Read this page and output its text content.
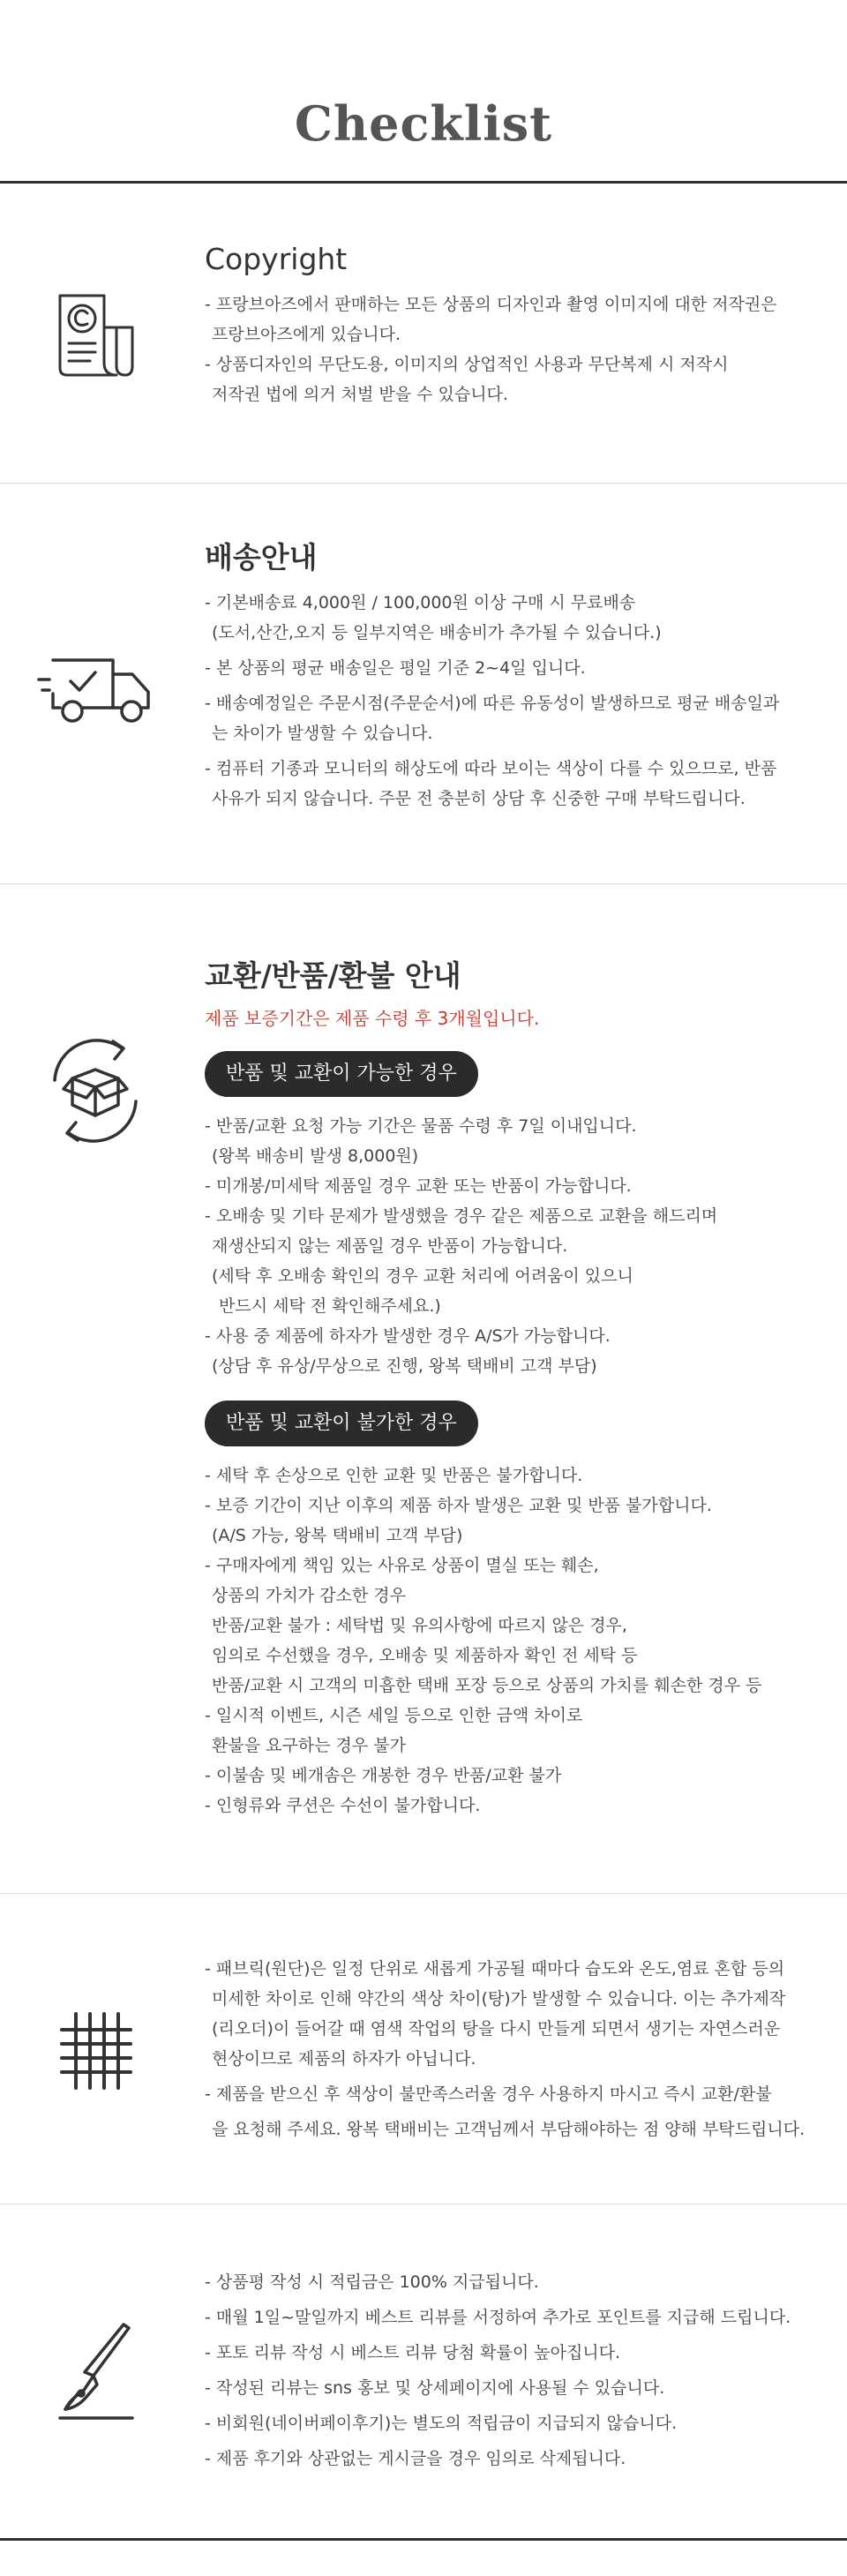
Checklist
Copyright
- 프랑브아즈에서 판매하는 모든 상품의 디자인과 촬영 이미지에 대한 저작권은
프랑브아즈에게 있습니다.
- 상품디자인의 무단도용, 이미지의 상업적인 사용과 무단복제 시 저작시
저작권 법에 의거 처벌 받을 수 있습니다.
배송안내
- 기본배송료 4,000원 / 100,000원 이상 구매 시 무료배송
(도서,산간,오지 등 일부지역은 배송비가 추가될 수 있습니다.)
- 본 상품의 평균 배송일은 평일 기준 2~4일 입니다.
- 배송예정일은 주문시점(주문순서)에 따른 유동성이 발생하므로 평균 배송일과
는 차이가 발생할 수 있습니다.
- 컴퓨터 기종과 모니터의 해상도에 따라 보이는 색상이 다를 수 있으므로, 반품
사유가 되지 않습니다. 주문 전 충분히 상담 후 신중한 구매 부탁드립니다.
교환/반품/환불 안내
제품 보증기간은 제품 수령 후 3개월입니다.
반품 및 교환이 가능한 경우
- 반품/교환 요청 가능 기간은 물품 수령 후 7일 이내입니다.
(왕복 배송비 발생 8,000원)
- 미개봉/미세탁 제품일 경우 교환 또는 반품이 가능합니다.
- 오배송 및 기타 문제가 발생했을 경우 같은 제품으로 교환을 해드리며
재생산되지 않는 제품일 경우 반품이 가능합니다.
(세탁 후 오배송 확인의 경우 교환 처리에 어려움이 있으니
반드시 세탁 전 확인해주세요.)
- 사용 중 제품에 하자가 발생한 경우 A/S가 가능합니다.
(상담 후 유상/무상으로 진행, 왕복 택배비 고객 부담)
반품 및 교환이 불가한 경우
- 세탁 후 손상으로 인한 교환 및 반품은 불가합니다.
- 보증 기간이 지난 이후의 제품 하자 발생은 교환 및 반품 불가합니다.
(A/S 가능, 왕복 택배비 고객 부담)
- 구매자에게 책임 있는 사유로 상품이 멸실 또는 훼손,
상품의 가치가 감소한 경우
반품/교환 불가 : 세탁법 및 유의사항에 따르지 않은 경우,
임의로 수선했을 경우, 오배송 및 제품하자 확인 전 세탁 등
반품/교환 시 고객의 미흡한 택배 포장 등으로 상품의 가치를 훼손한 경우 등
- 일시적 이벤트, 시즌 세일 등으로 인한 금액 차이로
환불을 요구하는 경우 불가
- 이불솜 및 베개솜은 개봉한 경우 반품/교환 불가
- 인형류와 쿠션은 수선이 불가합니다.
- 패브릭(원단)은 일정 단위로 새롭게 가공될 때마다 습도와 온도,염료 혼합 등의
미세한 차이로 인해 약간의 색상 차이(탕)가 발생할 수 있습니다. 이는 추가제작
(리오더)이 들어갈 때 염색 작업의 탕을 다시 만들게 되면서 생기는 자연스러운
현상이므로 제품의 하자가 아닙니다.
- 제품을 받으신 후 색상이 불만족스러울 경우 사용하지 마시고 즉시 교환/환불
을 요청해 주세요. 왕복 택배비는 고객님께서 부담해야하는 점 양해 부탁드립니다.
- 상품평 작성 시 적립금은 100% 지급됩니다.
- 매월 1일~말일까지 베스트 리뷰를 서정하여 추가로 포인트를 지급해 드립니다.
- 포토 리뷰 작성 시 베스트 리뷰 당첨 확률이 높아집니다.
- 작성된 리뷰는 sns 홍보 및 상세페이지에 사용될 수 있습니다.
- 비회원(네이버페이후기)는 별도의 적립금이 지급되지 않습니다.
- 제품 후기와 상관없는 게시글을 경우 임의로 삭제됩니다.
